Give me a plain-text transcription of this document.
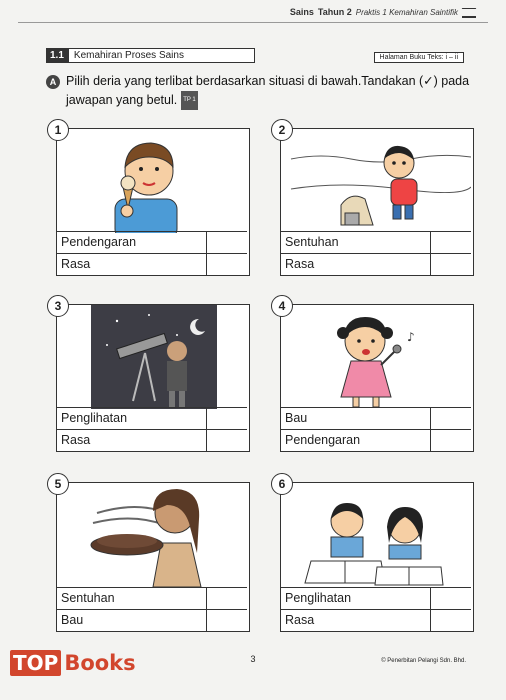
Sains Tahun 2 Praktis 1 Kemahiran Saintifik
1.1	Kemahiran Proses Sains	Halaman Buku Teks: i – ii
A Pilih deria yang terlibat berdasarkan situasi di bawah.Tandakan (✓) pada jawapan yang betul. TP 1
1
Pendengaran
Rasa
2
Sentuhan
Rasa
3
Penglihatan
Rasa
♪
4
Bau
Pendengaran
5
Sentuhan
Bau
6
Penglihatan
Rasa
3	© Penerbitan Pelangi Sdn. Bhd.
TOP Books
